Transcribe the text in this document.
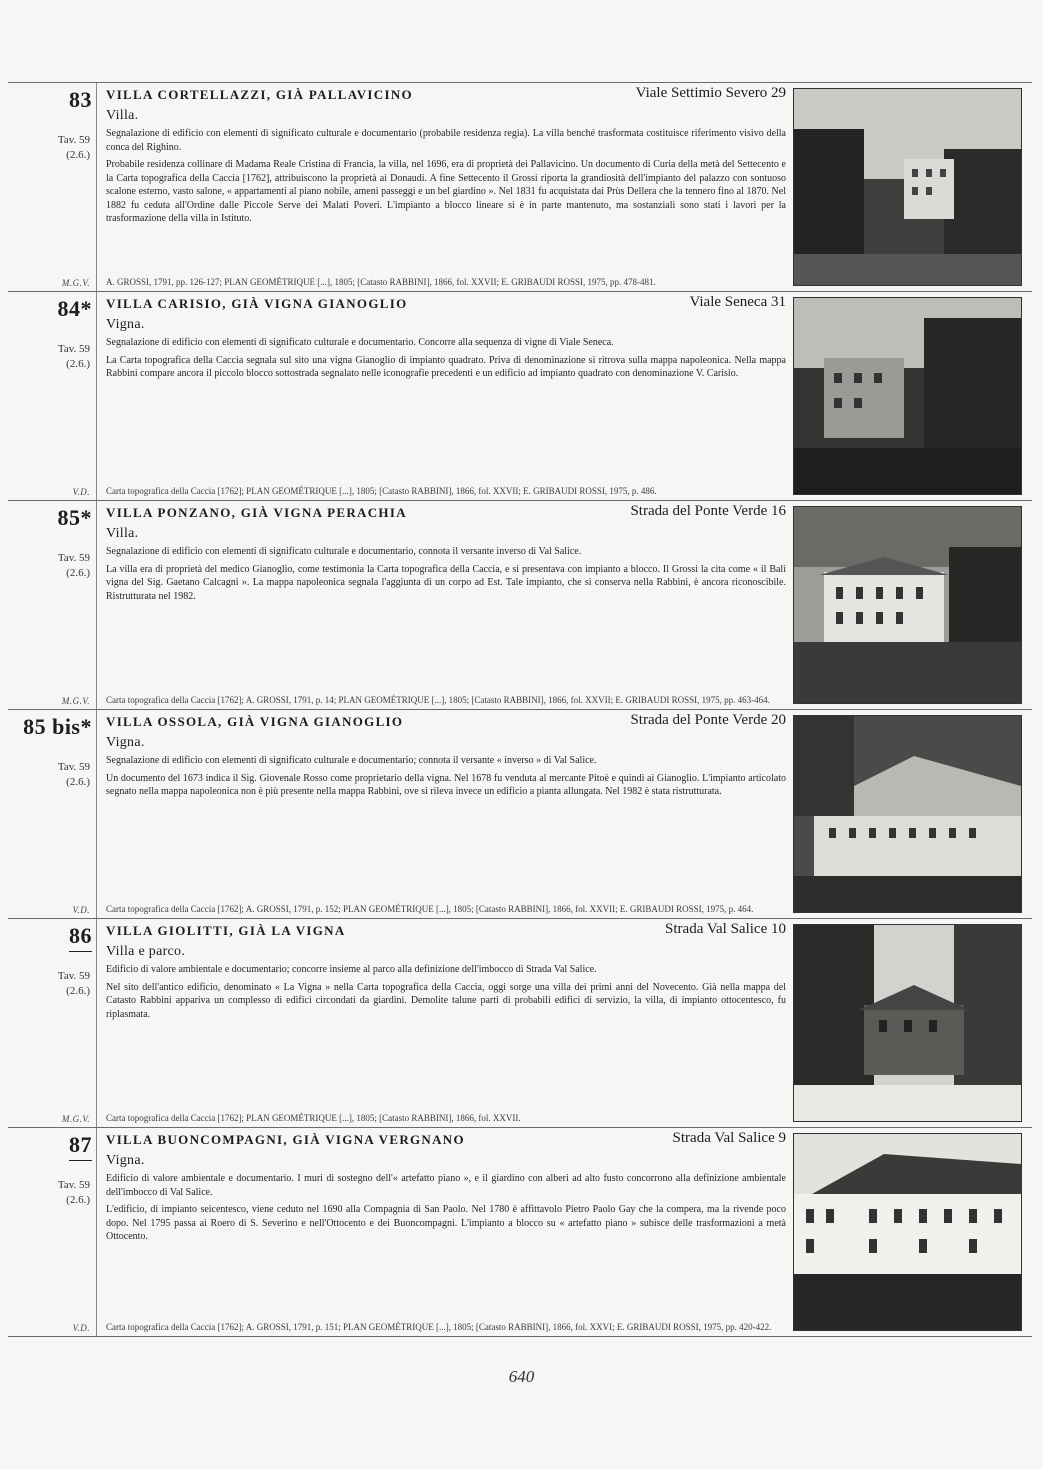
83
Tav. 59
(2.6.)
M.G.V.
VILLA CORTELLAZZI, GIÀ PALLAVICINO	Viale Settimio Severo 29
Villa.
Segnalazione di edificio con elementi di significato culturale e documentario (probabile residenza regia). La villa benché trasformata costituisce riferimento visivo della conca del Righino.
Probabile residenza collinare di Madama Reale Cristina di Francia, la villa, nel 1696, era di proprietà dei Pallavicino. Un documento di Curia della metà del Settecento e la Carta topografica della Caccia [1762], attribuiscono la proprietà ai Donaudi. A fine Settecento il Grossi riporta la grandiosità dell'impianto del palazzo con sontuoso scalone esterno, vasto salone, « appartamenti al piano nobile, ameni passeggi e un bel giardino ». Nel 1831 fu acquistata dai Prùs Dellera che la tennero fino al 1870. Nel 1882 fu ceduta all'Ordine dalle Piccole Serve dei Malati Poveri. L'impianto a blocco lineare si è in parte mantenuto, ma sostanziali sono stati i lavori per la trasformazione della villa in Istituto.
A. GROSSI, 1791, pp. 126-127; PLAN GEOMÉTRIQUE [...], 1805; [Catasto RABBINI], 1866, fol. XXVII; E. GRIBAUDI ROSSI, 1975, pp. 478-481.
84*
Tav. 59
(2.6.)
V.D.
VILLA CARISIO, GIÀ VIGNA GIANOGLIO	Viale Seneca 31
Vigna.
Segnalazione di edificio con elementi di significato culturale e documentario. Concorre alla sequenza di vigne di Viale Seneca.
La Carta topografica della Caccia segnala sul sito una vigna Gianoglio di impianto quadrato. Priva di denominazione si ritrova sulla mappa napoleonica. Nella mappa Rabbini compare ancora il piccolo blocco sottostrada segnalato nelle iconografie precedenti e un edificio ad impianto quadrato con denominazione V. Carisio.
Carta topografica della Caccia [1762]; PLAN GEOMÉTRIQUE [...], 1805; [Catasto RABBINI], 1866, fol. XXVII; E. GRIBAUDI ROSSI, 1975, p. 486.
85*
Tav. 59
(2.6.)
M.G.V.
VILLA PONZANO, GIÀ VIGNA PERACHIA	Strada del Ponte Verde 16
Villa.
Segnalazione di edificio con elementi di significato culturale e documentario, connota il versante inverso di Val Salice.
La villa era di proprietà del medico Gianoglio, come testimonia la Carta topografica della Caccia, e si presentava con impianto a blocco. Il Grossi la cita come « il Balì vigna del Sig. Gaetano Calcagni ». La mappa napoleonica segnala l'aggiunta di un corpo ad Est. Tale impianto, che si conserva nella Rabbini, è ancora riconoscibile. Ristrutturata nel 1982.
Carta topografica della Caccia [1762]; A. GROSSI, 1791, p. 14; PLAN GEOMÉTRIQUE [...], 1805; [Catasto RABBINI], 1866, fol. XXVII; E. GRIBAUDI ROSSI, 1975, pp. 463-464.
85 bis*
Tav. 59
(2.6.)
V.D.
VILLA OSSOLA, GIÀ VIGNA GIANOGLIO	Strada del Ponte Verde 20
Vigna.
Segnalazione di edificio con elementi di significato culturale e documentario; connota il versante « inverso » di Val Salice.
Un documento del 1673 indica il Sig. Giovenale Rosso come proprietario della vigna. Nel 1678 fu venduta al mercante Pitoè e quindi ai Gianoglio. L'impianto articolato segnato nella mappa napoleonica non è più presente nella mappa Rabbini, ove si rileva invece un edificio a pianta allungata. Nel 1982 è stata ristrutturata.
Carta topografica della Caccia [1762]; A. GROSSI, 1791, p. 152; PLAN GEOMÉTRIQUE [...], 1805; [Catasto RABBINI], 1866, fol. XXVII; E. GRIBAUDI ROSSI, 1975, p. 464.
86
Tav. 59
(2.6.)
M.G.V.
VILLA GIOLITTI, GIÀ LA VIGNA	Strada Val Salice 10
Villa e parco.
Edificio di valore ambientale e documentario; concorre insieme al parco alla definizione dell'imbocco di Strada Val Salice.
Nel sito dell'antico edificio, denominato « La Vigna » nella Carta topografica della Caccia, oggi sorge una villa dei primi anni del Novecento. Già nella mappa del Catasto Rabbini appariva un complesso di edifici circondati da giardini. Demolite talune parti di probabili edifici di servizio, la villa, di impianto ottocentesco, fu riplasmata.
Carta topografica della Caccia [1762]; PLAN GEOMÉTRIQUE [...], 1805; [Catasto RABBINI], 1866, fol. XXVII.
87
Tav. 59
(2.6.)
V.D.
VILLA BUONCOMPAGNI, GIÀ VIGNA VERGNANO	Strada Val Salice 9
Vigna.
Edificio di valore ambientale e documentario. I muri di sostegno dell'« artefatto piano », e il giardino con alberi ad alto fusto concorrono alla definizione ambientale dell'imbocco di Val Salice.
L'edificio, di impianto seicentesco, viene ceduto nel 1690 alla Compagnia di San Paolo. Nel 1780 è affittavolo Pietro Paolo Gay che la compera, ma la rivende poco dopo. Nel 1795 passa ai Roero di S. Severino e nell'Ottocento e dei Buoncompagni. L'impianto a blocco su « artefatto piano » subisce delle trasformazioni a metà Ottocento.
Carta topografica della Caccia [1762]; A. GROSSI, 1791, p. 151; PLAN GEOMÉTRIQUE [...], 1805; [Catasto RABBINI], 1866, fol. XXVI; E. GRIBAUDI ROSSI, 1975, pp. 420-422.
640
